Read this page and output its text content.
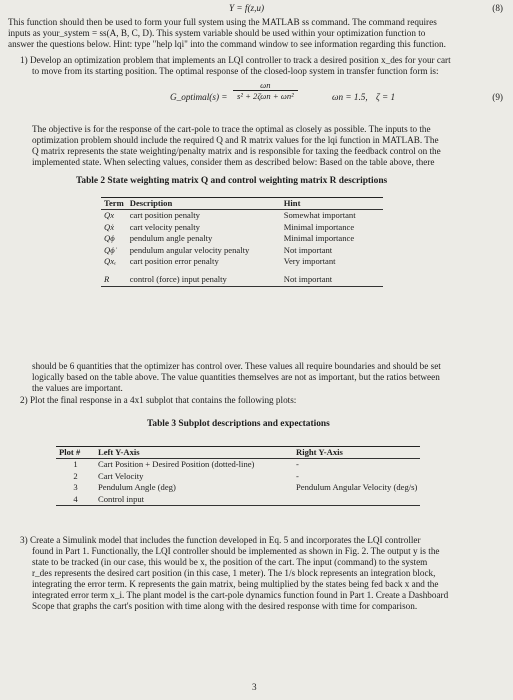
Y = f(z,u)	(8)
This function should then be used to form your full system using the MATLAB ss command. The command requires
inputs as your_system = ss(A, B, C, D). This system variable should be used within your optimization function to
answer the questions below. Hint: type "help lqi" into the command window to see information regarding this function.
1) Develop an optimization problem that implements an LQI controller to track a desired position x_des for your cart
to move from its starting position. The optimal response of the closed-loop system in transfer function form is:
G_optimal(s) = $\frac{\omega n}{\text{s² + 2ζωn + ωn²}}$	ωn = 1.5, ζ = 1	(9)
The objective is for the response of the cart-pole to trace the optimal as closely as possible. The inputs to the
optimization problem should include the required Q and R matrix values for the lqi function in MATLAB. The
Q matrix represents the state weighting/penalty matrix and is responsible for taxing the feedback control on the
implemented state. When selecting values, consider them as described below: Based on the table above, there
Table 2 State weighting matrix Q and control weighting matrix R descriptions
Term	Description	Hint
Qx	cart position penalty	Somewhat important
Qẋ	cart velocity penalty	Minimal importance
Qϕ	pendulum angle penalty	Minimal importance
Qϕ̇	pendulum angular velocity penalty	Not important
Qxₑ	cart position error penalty	Very important
R	control (force) input penalty	Not important
should be 6 quantities that the optimizer has control over. These values all require boundaries and should be set
logically based on the table above. The value quantities themselves are not as important, but the ratios between
the values are important.
2) Plot the final response in a 4x1 subplot that contains the following plots:
Table 3 Subplot descriptions and expectations
Plot #	Left Y-Axis	Right Y-Axis
1	Cart Position + Desired Position (dotted-line)	-
2	Cart Velocity	-
3	Pendulum Angle (deg)	Pendulum Angular Velocity (deg/s)
4	Control input	
3) Create a Simulink model that includes the function developed in Eq. 5 and incorporates the LQI controller
found in Part 1. Functionally, the LQI controller should be implemented as shown in Fig. 2. The output y is the
state to be tracked (in our case, this would be x, the position of the cart. The input (command) to the system
r_des represents the desired cart position (in this case, 1 meter). The 1/s block represents an integration block,
integrating the error term. K represents the gain matrix, being multiplied by the states being fed back x and the
integrated error term x_i. The plant model is the cart-pole dynamics function found in Part 1. Create a Dashboard
Scope that graphs the cart's position with time along with the desired response with time for comparison.
3
